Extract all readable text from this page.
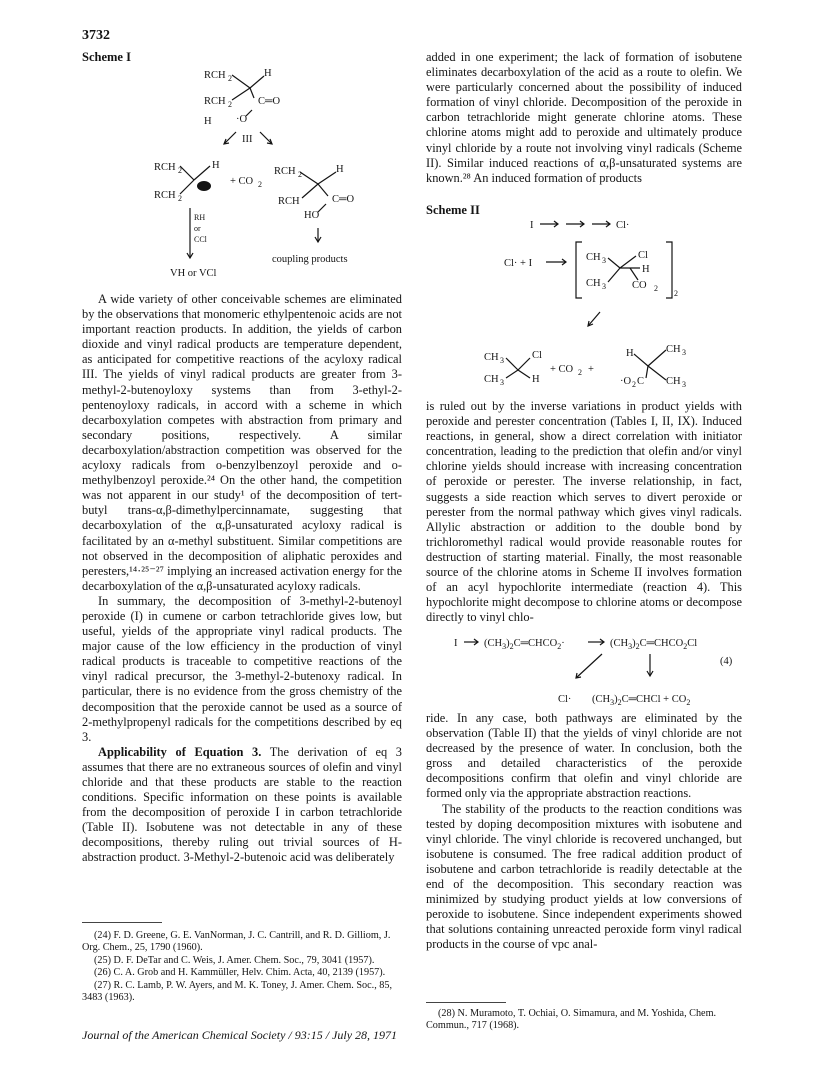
3732
Scheme I
RCH 2	H
RCH 2 C═O
H ·O
III
RCH 2
RCH 2
H
+ CO 2
RCH 2	H
RCH	C═O
HO
RH
or
CCl
VH or VCl
coupling products

A wide variety of other conceivable schemes are eliminated by the observations that monomeric ethylpentenoic acids are not important reaction products. In addition, the yields of carbon dioxide and vinyl radical products are temperature dependent, as anticipated for competitive reactions of the acyloxy radical III. The yields of vinyl radical products are greater from 3-methyl-2-butenoyloxy systems than from 3-ethyl-2-pentenoyloxy radicals, in accord with a scheme in which decarboxylation competes with abstraction from primary and secondary positions, respectively. A similar decarboxylation/abstraction competition was observed for the acyloxy radicals from o-benzylbenzoyl peroxide and o-methylbenzoyl peroxide.²⁴ On the other hand, the competition was not apparent in our study¹ of the decomposition of tert-butyl trans-α,β-dimethylpercinnamate, suggesting that decarboxylation of the α,β-unsaturated acyloxy radical is facilitated by an α-methyl substituent. Similar competitions are not observed in the decomposition of aliphatic peroxides and peresters,¹⁴·²⁵⁻²⁷ implying an increased activation energy for the decarboxylation of the α,β-unsaturated acyloxy radicals.

In summary, the decomposition of 3-methyl-2-butenoyl peroxide (I) in cumene or carbon tetrachloride gives low, but useful, yields of the appropriate vinyl radical products. The major cause of the low efficiency in the production of vinyl radical products is traceable to competitive reactions of the vinyl radical precursor, the 3-methyl-2-butenoxy radical. In particular, there is no evidence from the gross chemistry of the decomposition that the peroxide cannot be used as a source of 2-methylpropenyl radicals for the competitions described by eq 3.

Applicability of Equation 3. The derivation of eq 3 assumes that there are no extraneous sources of olefin and vinyl chloride and that these products are stable to the reaction conditions. Specific information on these points is available from the decomposition of peroxide I in carbon tetrachloride (Table II). Isobutene was not detectable in any of these decompositions, thereby ruling out trivial sources of H-abstraction product. 3-Methyl-2-butenoic acid was deliberately

(24) F. D. Greene, G. E. VanNorman, J. C. Cantrill, and R. D. Gilliom, J. Org. Chem., 25, 1790 (1960).

(25) D. F. DeTar and C. Weis, J. Amer. Chem. Soc., 79, 3041 (1957).

(26) C. A. Grob and H. Kammüller, Helv. Chim. Acta, 40, 2139 (1957).

(27) R. C. Lamb, P. W. Ayers, and M. K. Toney, J. Amer. Chem. Soc., 85, 3483 (1963).

added in one experiment; the lack of formation of isobutene eliminates decarboxylation of the acid as a route to olefin. We were particularly concerned about the possibility of induced formation of vinyl chloride. Decomposition of the peroxide in carbon tetrachloride might generate chlorine atoms. These chlorine atoms might add to peroxide and ultimately produce vinyl chloride by a route not involving vinyl radicals (Scheme II). Similar induced reactions of α,β-unsaturated systems are known.²⁸ An induced formation of products

Scheme II
I	Cl·
Cl· + I
CH 3	Cl
H
CH 3 CO 2
2
CH 3	Cl
CH 3	H
+ CO 2 +
H	CH 3
·O 2 C CH 3

is ruled out by the inverse variations in product yields with peroxide and perester concentration (Tables I, II, IX). Induced reactions, in general, show a direct correlation with initiator concentration, leading to the prediction that olefin and/or vinyl chlorine yields should increase with increasing concentration of peroxide or perester. The inverse relationship, in fact, suggests a side reaction which serves to divert peroxide or perester from the normal pathway which gives vinyl radicals. Allylic abstraction or addition to the double bond by trichloromethyl radical would provide reasonable routes for destruction of starting material. Finally, the most reasonable source of the chlorine atoms in Scheme II involves formation of an acyl hypochlorite intermediate (reaction 4). This hypochlorite might decompose to chlorine atoms or decompose directly to vinyl chlo-

I	$(CH_3)_2C═CHCO_2\cdot$	$(CH_3)_2C═CHCO_2Cl$
(4)
$Cl\cdot (CH_3)_2C═CHCl + CO_2$

ride. In any case, both pathways are eliminated by the observation (Table II) that the yields of vinyl chloride are not decreased by the presence of water. In conclusion, both the gross and detailed characteristics of the peroxide decompositions confirm that olefin and vinyl chloride are formed only via the appropriate abstraction reactions.

The stability of the products to the reaction conditions was tested by doping decomposition mixtures with isobutene and vinyl chloride. The vinyl chloride is recovered unchanged, but isobutene is consumed. The free radical addition product of isobutene and carbon tetrachloride is readily detectable at the end of the decomposition. This secondary reaction was minimized by studying product yields at low conversions of peroxide to isobutene. Since independent experiments showed that solutions containing unreacted peroxide form vinyl radical products in the course of vpc anal-

(28) N. Muramoto, T. Ochiai, O. Simamura, and M. Yoshida, Chem. Commun., 717 (1968).

Journal of the American Chemical Society / 93:15 / July 28, 1971
